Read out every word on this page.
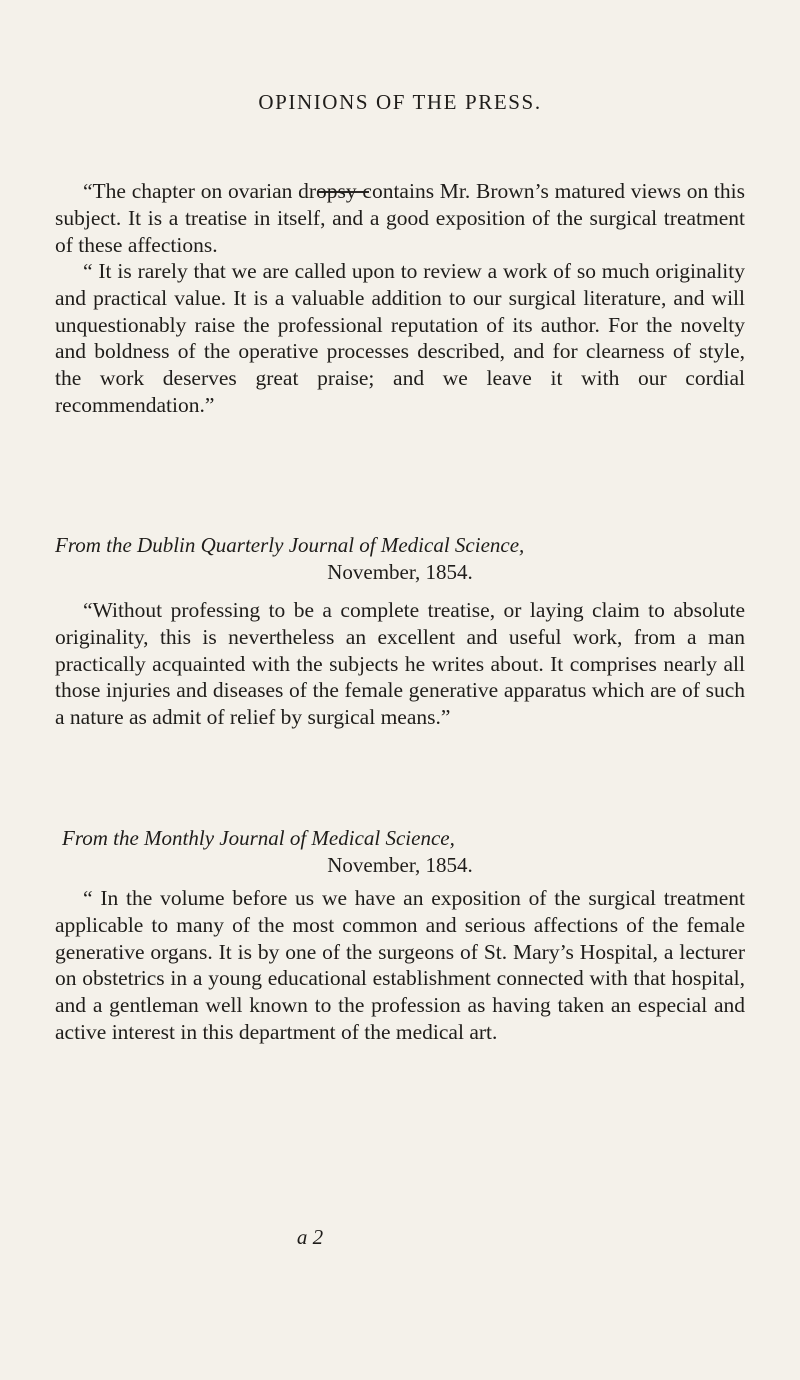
OPINIONS OF THE PRESS.

“The chapter on ovarian dropsy contains Mr. Brown’s matured views on this subject. It is a treatise in itself, and a good exposition of the surgical treatment of these affections.

“ It is rarely that we are called upon to review a work of so much originality and practical value. It is a valuable addition to our surgical literature, and will unquestionably raise the professional reputation of its author. For the novelty and boldness of the operative processes described, and for clearness of style, the work deserves great praise; and we leave it with our cordial recommendation.”

From the Dublin Quarterly Journal of Medical Science,
November, 1854.

“Without professing to be a complete treatise, or laying claim to absolute originality, this is nevertheless an excellent and useful work, from a man practically acquainted with the subjects he writes about. It comprises nearly all those injuries and diseases of the female generative apparatus which are of such a nature as admit of relief by surgical means.”

From the Monthly Journal of Medical Science,
November, 1854.

“ In the volume before us we have an exposition of the surgical treatment applicable to many of the most common and serious affections of the female generative organs. It is by one of the surgeons of St. Mary’s Hospital, a lecturer on obstetrics in a young educational establishment connected with that hospital, and a gentleman well known to the profession as having taken an especial and active interest in this department of the medical art.

a 2
